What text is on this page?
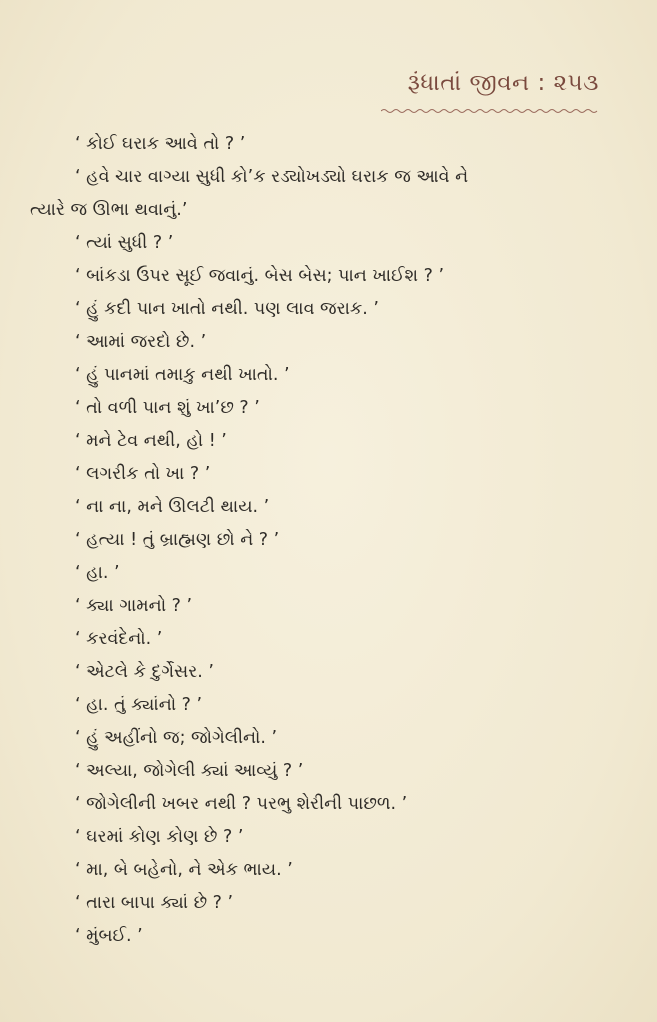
રૂંધાતાં જીવન : ૨૫૩
‘ કોઈ ઘરાક આવે તો ? ’
‘ હવે ચાર વાગ્યા સુધી કો’ક રડ્યોખડ્યો ઘરાક જ આવે ને
ત્યારે જ ઊભા થવાનું.’
‘ ત્યાં સુધી ? ’
‘ બાંકડા ઉપર સૂઈ જવાનું. બેસ બેસ; પાન ખાઈશ ? ’
‘ હું કદી પાન ખાતો નથી. પણ લાવ જરાક. ’
‘ આમાં જરદો છે. ’
‘ હું પાનમાં તમાકુ નથી ખાતો. ’
‘ તો વળી પાન શું ખા’છ ? ’
‘ મને ટેવ નથી, હો ! ’
‘ લગરીક તો ખા ? ’
‘ ના ના, મને ઊલટી થાય. ’
‘ હત્યા ! તું બ્રાહ્મણ છો ને ? ’
‘ હા. ’
‘ ક્યા ગામનો ? ’
‘ કરવંદેનો. ’
‘ એટલે કે દુર્ગેસર. ’
‘ હા. તું ક્યાંનો ? ’
‘ હું અહીંનો જ; જોગેલીનો. ’
‘ અલ્યા, જોગેલી ક્યાં આવ્યું ? ’
‘ જોગેલીની ખબર નથી ? પરભુ શેરીની પાછળ. ’
‘ ઘરમાં કોણ કોણ છે ? ’
‘ મા, બે બહેનો, ને એક ભાય. ’
‘ તારા બાપા ક્યાં છે ? ’
‘ મુંબઈ. ’
